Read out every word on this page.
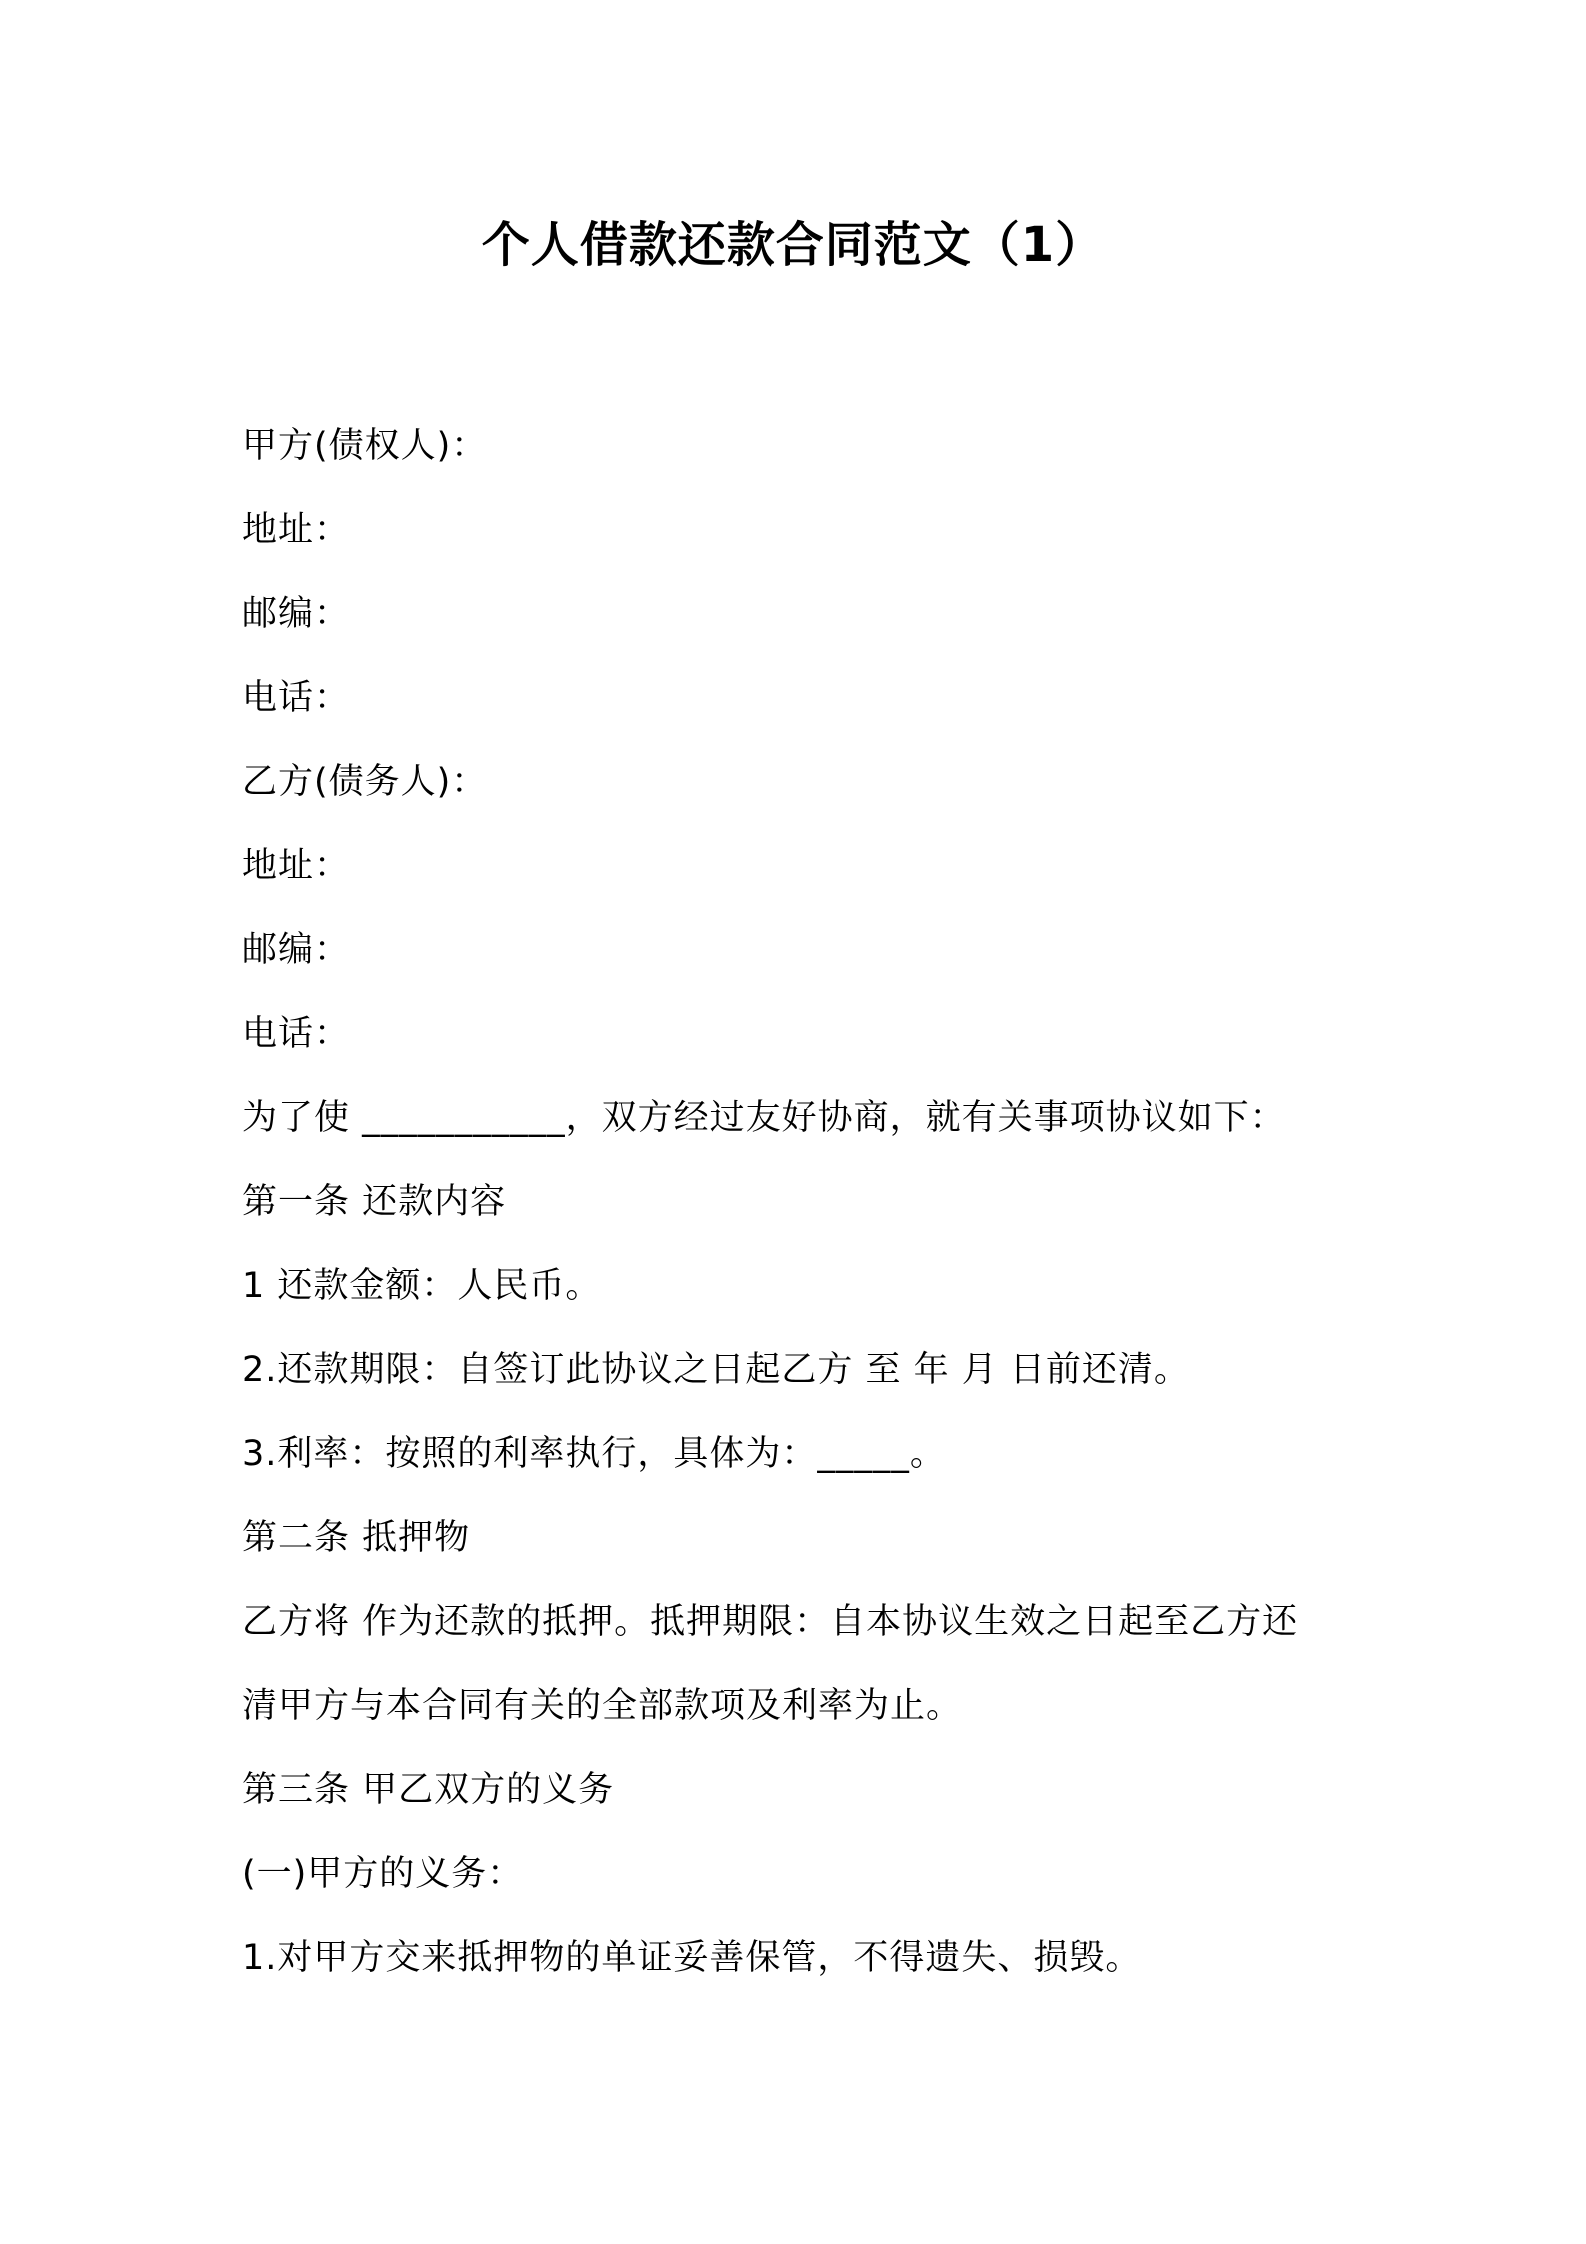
个人借款还款合同范文（1）
甲方(债权人)：
地址：
邮编：
电话：
乙方(债务人)：
地址：
邮编：
电话：
为了使 ___________，双方经过友好协商，就有关事项协议如下：
第一条 还款内容
1 还款金额：人民币。
2.还款期限：自签订此协议之日起乙方 至 年 月 日前还清。
3.利率：按照的利率执行，具体为：_____。
第二条 抵押物
乙方将 作为还款的抵押。抵押期限：自本协议生效之日起至乙方还
清甲方与本合同有关的全部款项及利率为止。
第三条 甲乙双方的义务
(一)甲方的义务：
1.对甲方交来抵押物的单证妥善保管，不得遗失、损毁。
